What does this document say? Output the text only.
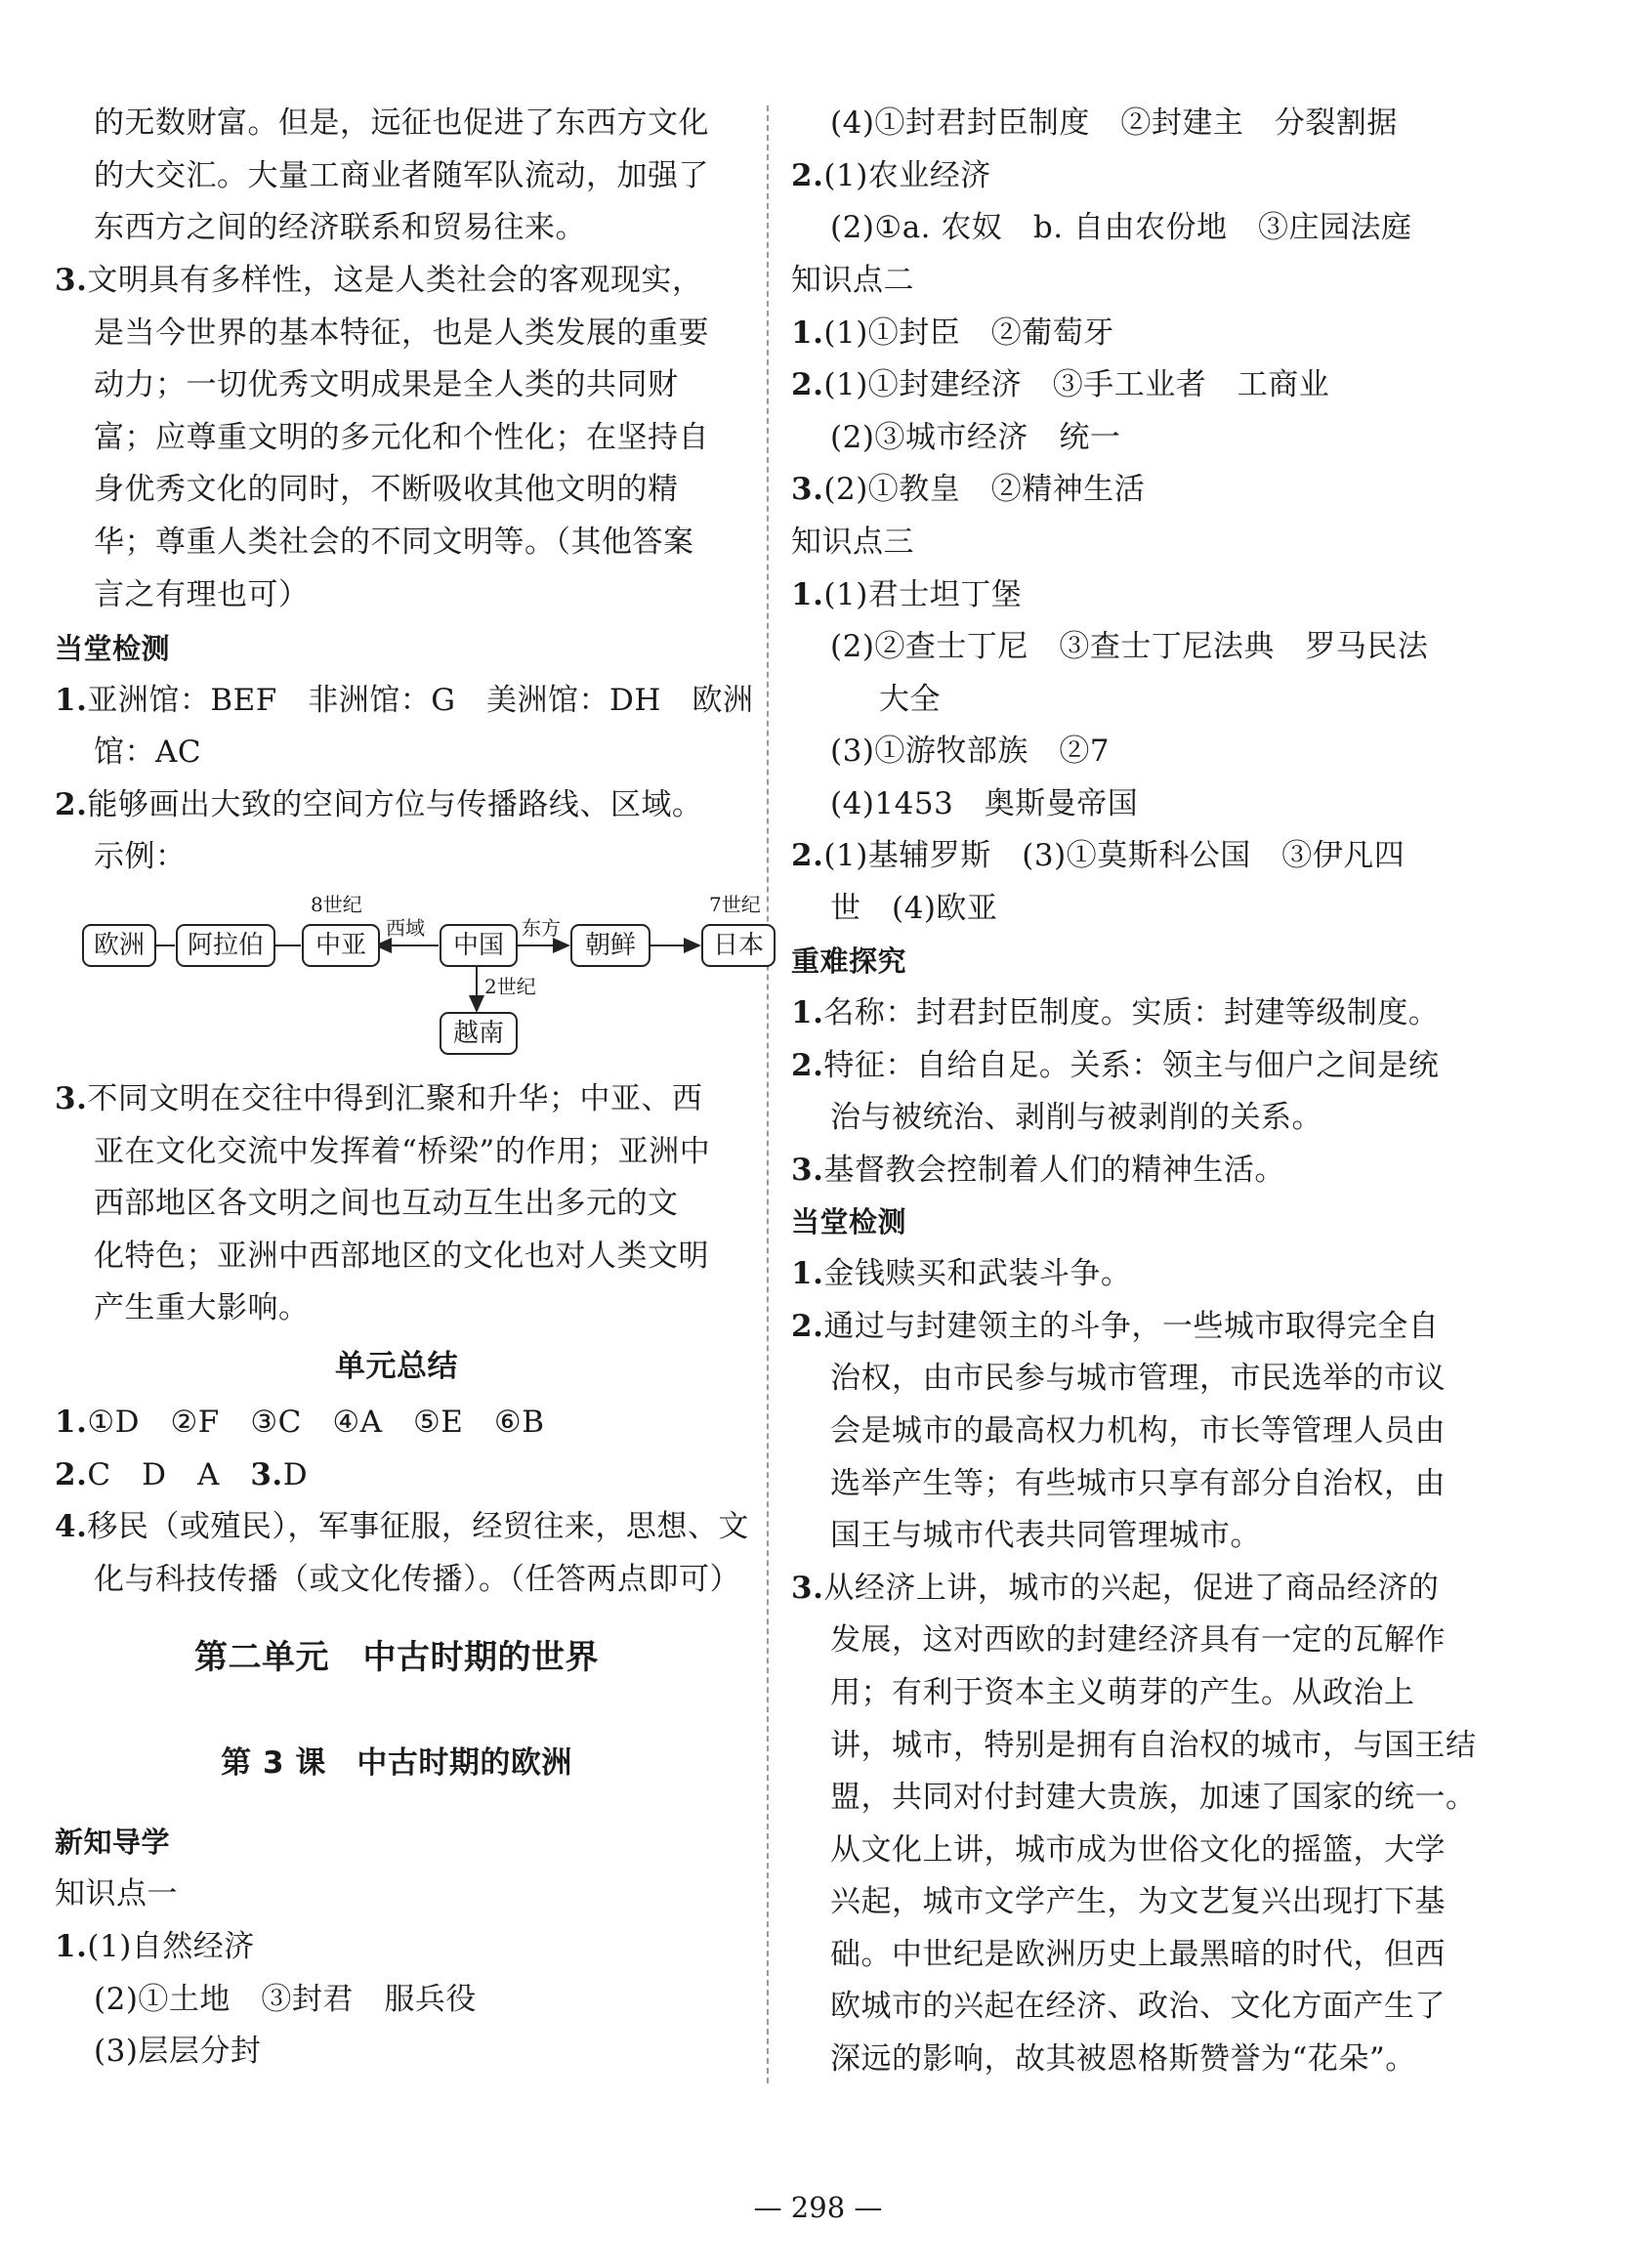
的无数财富。但是，远征也促进了东西方文化
的大交汇。大量工商业者随军队流动，加强了
东西方之间的经济联系和贸易往来。
3.文明具有多样性，这是人类社会的客观现实，
是当今世界的基本特征，也是人类发展的重要
动力；一切优秀文明成果是全人类的共同财
富；应尊重文明的多元化和个性化；在坚持自
身优秀文化的同时，不断吸收其他文明的精
华；尊重人类社会的不同文明等。（其他答案
言之有理也可）
当堂检测
1.亚洲馆：BEF　非洲馆：G　美洲馆：DH　欧洲
馆：AC
2.能够画出大致的空间方位与传播路线、区域。
示例：
欧洲	阿拉伯	中亚	中国	朝鲜	日本
越南
8世纪
西域	东方
7世纪
2世纪
3.不同文明在交往中得到汇聚和升华；中亚、西
亚在文化交流中发挥着“桥梁”的作用；亚洲中
西部地区各文明之间也互动互生出多元的文
化特色；亚洲中西部地区的文化也对人类文明
产生重大影响。
单元总结
1.①D　②F　③C　④A　⑤E　⑥B
2.C　D　A　3.D
4.移民（或殖民），军事征服，经贸往来，思想、文
化与科技传播（或文化传播）。（任答两点即可）
第二单元　中古时期的世界
第 3 课　中古时期的欧洲
新知导学
知识点一
1.(1)自然经济
(2)①土地　③封君　服兵役
(3)层层分封
(4)①封君封臣制度　②封建主　分裂割据
2.(1)农业经济
(2)①a. 农奴　b. 自由农份地　③庄园法庭
知识点二
1.(1)①封臣　②葡萄牙
2.(1)①封建经济　③手工业者　工商业
(2)③城市经济　统一
3.(2)①教皇　②精神生活
知识点三
1.(1)君士坦丁堡
(2)②查士丁尼　③查士丁尼法典　罗马民法
大全
(3)①游牧部族　②7
(4)1453　奥斯曼帝国
2.(1)基辅罗斯　(3)①莫斯科公国　③伊凡四
世　(4)欧亚
重难探究
1.名称：封君封臣制度。实质：封建等级制度。
2.特征：自给自足。关系：领主与佃户之间是统
治与被统治、剥削与被剥削的关系。
3.基督教会控制着人们的精神生活。
当堂检测
1.金钱赎买和武装斗争。
2.通过与封建领主的斗争，一些城市取得完全自
治权，由市民参与城市管理，市民选举的市议
会是城市的最高权力机构，市长等管理人员由
选举产生等；有些城市只享有部分自治权，由
国王与城市代表共同管理城市。
3.从经济上讲，城市的兴起，促进了商品经济的
发展，这对西欧的封建经济具有一定的瓦解作
用；有利于资本主义萌芽的产生。从政治上
讲，城市，特别是拥有自治权的城市，与国王结
盟，共同对付封建大贵族，加速了国家的统一。
从文化上讲，城市成为世俗文化的摇篮，大学
兴起，城市文学产生，为文艺复兴出现打下基
础。中世纪是欧洲历史上最黑暗的时代，但西
欧城市的兴起在经济、政治、文化方面产生了
深远的影响，故其被恩格斯赞誉为“花朵”。
— 298 —
